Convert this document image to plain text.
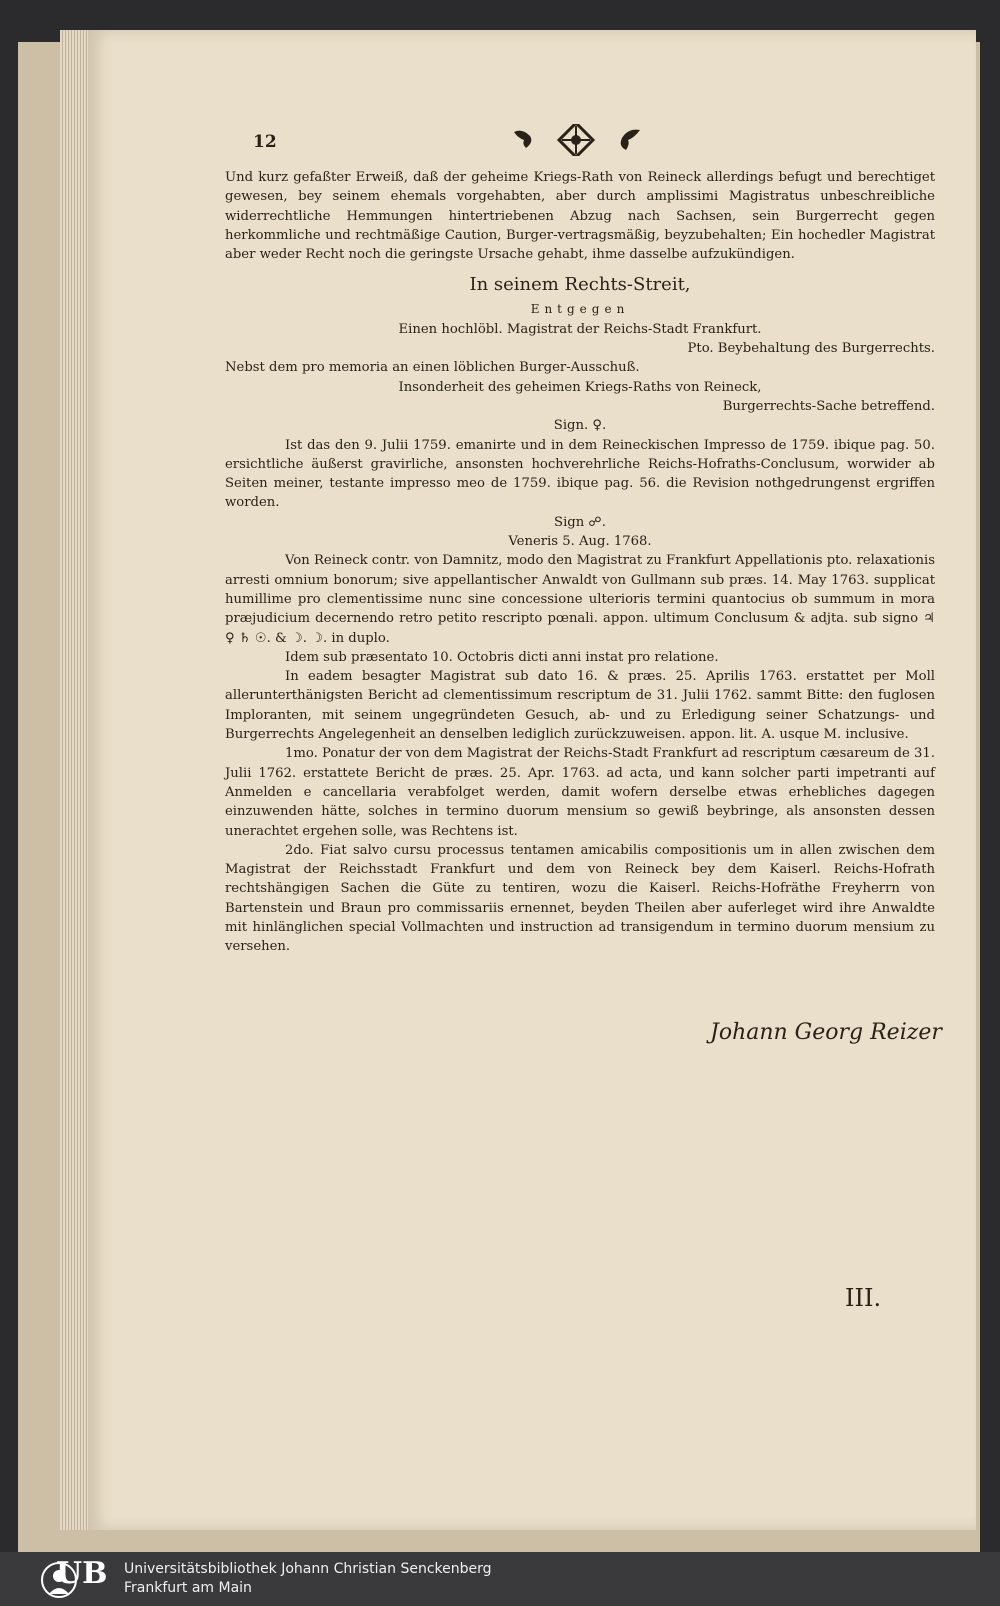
12

Und kurz gefaßter Erweiß, daß der geheime Kriegs-Rath von Reineck allerdings befugt und berechtiget gewesen, bey seinem ehemals vorgehabten, aber durch amplissimi Magistratus unbeschreibliche widerrechtliche Hemmungen hintertriebenen Abzug nach Sachsen, sein Burgerrecht gegen herkommliche und rechtmäßige Caution, Burger-vertragsmäßig, beyzubehalten; Ein hochedler Magistrat aber weder Recht noch die geringste Ursache gehabt, ihme dasselbe aufzukündigen.

In seinem Rechts-Streit,

Entgegen

Einen hochlöbl. Magistrat der Reichs-Stadt Frankfurt.

Pto. Beybehaltung des Burgerrechts.

Nebst dem pro memoria an einen löblichen Burger-Ausschuß.

Insonderheit des geheimen Kriegs-Raths von Reineck,

Burgerrechts-Sache betreffend.

Sign. ♀.

Ist das den 9. Julii 1759. emanirte und in dem Reineckischen Impresso de 1759. ibique pag. 50. ersichtliche äußerst gravirliche, ansonsten hochverehrliche Reichs-Hofraths-Conclusum, worwider ab Seiten meiner, testante impresso meo de 1759. ibique pag. 56. die Revision nothgedrungenst ergriffen worden.

Sign ☍.

Veneris 5. Aug. 1768.

Von Reineck contr. von Damnitz, modo den Magistrat zu Frankfurt Appellationis pto. relaxationis arresti omnium bonorum; sive appellantischer Anwaldt von Gullmann sub præs. 14. May 1763. supplicat humillime pro clementissime nunc sine concessione ulterioris termini quantocius ob summum in mora præjudicium decernendo retro petito rescripto pœnali. appon. ultimum Conclusum & adjta. sub signo ♃ ♀ ♄ ☉. & ☽. ☽. in duplo.

Idem sub præsentato 10. Octobris dicti anni instat pro relatione.

In eadem besagter Magistrat sub dato 16. & præs. 25. Aprilis 1763. erstattet per Moll allerunterthänigsten Bericht ad clementissimum rescriptum de 31. Julii 1762. sammt Bitte: den fuglosen Imploranten, mit seinem ungegründeten Gesuch, ab- und zu Erledigung seiner Schatzungs- und Burgerrechts Angelegenheit an denselben lediglich zurückzuweisen. appon. lit. A. usque M. inclusive.

1mo. Ponatur der von dem Magistrat der Reichs-Stadt Frankfurt ad rescriptum cæsareum de 31. Julii 1762. erstattete Bericht de præs. 25. Apr. 1763. ad acta, und kann solcher parti impetranti auf Anmelden e cancellaria verabfolget werden, damit wofern derselbe etwas erhebliches dagegen einzuwenden hätte, solches in termino duorum mensium so gewiß beybringe, als ansonsten dessen unerachtet ergehen solle, was Rechtens ist.

2do. Fiat salvo cursu processus tentamen amicabilis compositionis um in allen zwischen dem Magistrat der Reichsstadt Frankfurt und dem von Reineck bey dem Kaiserl. Reichs-Hofrath rechtshängigen Sachen die Güte zu tentiren, wozu die Kaiserl. Reichs-Hofräthe Freyherrn von Bartenstein und Braun pro commissariis ernennet, beyden Theilen aber auferleget wird ihre Anwaldte mit hinlänglichen special Vollmachten und instruction ad transigendum in termino duorum mensium zu versehen.

Johann Georg Reizer
III.
UB Universitätsbibliothek Johann Christian Senckenberg
Frankfurt am Main
